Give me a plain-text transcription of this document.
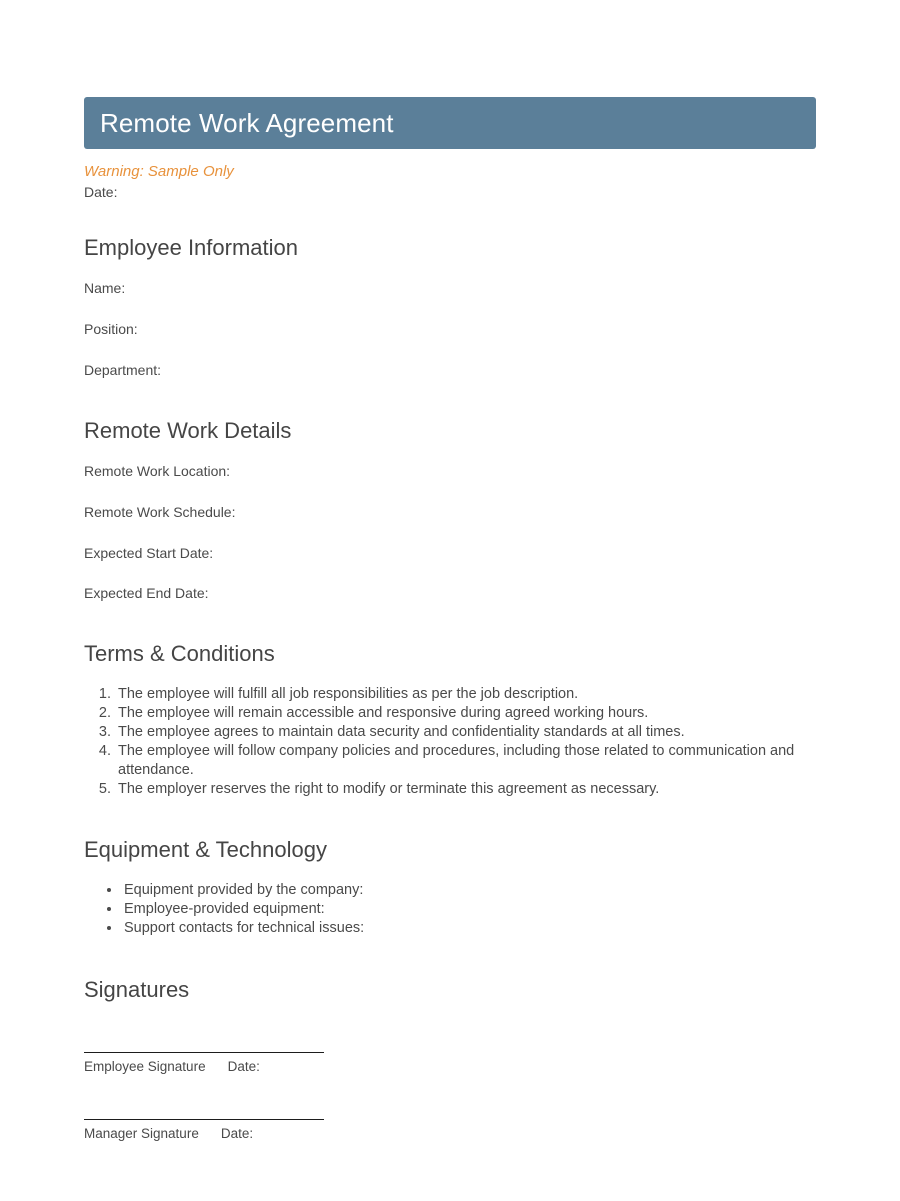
Remote Work Agreement

Warning: Sample Only

Date:

Employee Information
Name:
Position:
Department:
Remote Work Details
Remote Work Location:
Remote Work Schedule:
Expected Start Date:
Expected End Date:
Terms & Conditions
1. The employee will fulfill all job responsibilities as per the job description.
2. The employee will remain accessible and responsive during agreed working hours.
3. The employee agrees to maintain data security and confidentiality standards at all times.
4. The employee will follow company policies and procedures, including those related to communication and attendance.
5. The employer reserves the right to modify or terminate this agreement as necessary.
Equipment & Technology
• Equipment provided by the company:
• Employee-provided equipment:
• Support contacts for technical issues:
Signatures
Employee Signature Date:
Manager Signature Date:
